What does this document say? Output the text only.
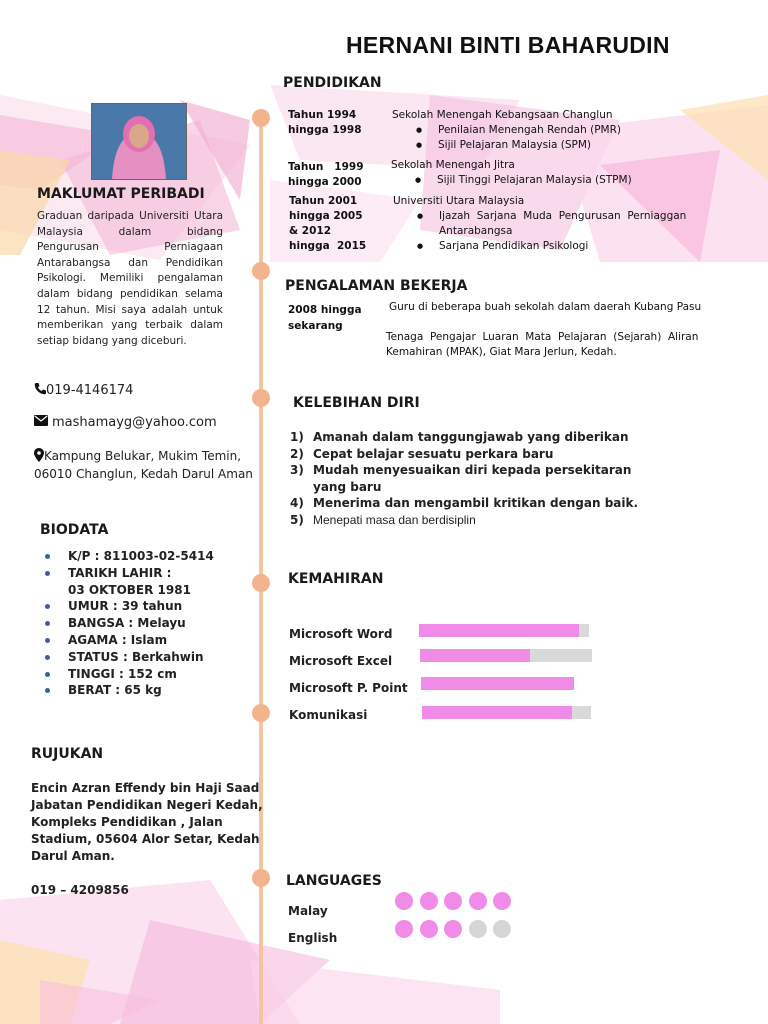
HERNANI BINTI BAHARUDIN
MAKLUMAT PERIBADI
Graduan daripada Universiti Utara Malaysia dalam bidang Pengurusan Perniagaan Antarabangsa dan Pendidikan Psikologi. Memiliki pengalaman dalam bidang pendidikan selama 12 tahun. Misi saya adalah untuk memberikan yang terbaik dalam setiap bidang yang diceburi.
019-4146174
mashamayg@yahoo.com
Kampung Belukar, Mukim Temin,
06010 Changlun, Kedah Darul Aman
BIODATA
K/P : 811003-02-5414
TARIKH LAHIR :
03 OKTOBER 1981
UMUR : 39 tahun
BANGSA : Melayu
AGAMA : Islam
STATUS : Berkahwin
TINGGI : 152 cm
BERAT : 65 kg
RUJUKAN
Encin Azran Effendy bin Haji Saad
Jabatan Pendidikan Negeri Kedah,
Kompleks Pendidikan , Jalan
Stadium, 05604 Alor Setar, Kedah
Darul Aman.
019 – 4209856
PENDIDIKAN
Tahun 1994
hingga 1998
Sekolah Menengah Kebangsaan Changlun
● Penilaian Menengah Rendah (PMR)
● Sijil Pelajaran Malaysia (SPM)
Tahun   1999
hingga 2000
Sekolah Menengah Jitra
● Sijil Tinggi Pelajaran Malaysia (STPM)
Tahun 2001
hingga 2005
& 2012
hingga  2015
Universiti Utara Malaysia
● Ijazah  Sarjana  Muda  Pengurusan  Perniaggan
Antarabangsa
● Sarjana Pendidikan Psikologi
PENGALAMAN BEKERJA
2008 hingga
sekarang
Guru di beberapa buah sekolah dalam daerah Kubang Pasu
Tenaga  Pengajar  Luaran  Mata  Pelajaran  (Sejarah)  Aliran
Kemahiran (MPAK), Giat Mara Jerlun, Kedah.
KELEBIHAN DIRI
1) Amanah dalam tanggungjawab yang diberikan
2) Cepat belajar sesuatu perkara baru
3) Mudah menyesuaikan diri kepada persekitaran
yang baru
4) Menerima dan mengambil kritikan dengan baik.
5) Menepati masa dan berdisiplin
KEMAHIRAN
Microsoft Word
Microsoft Excel
Microsoft P. Point
Komunikasi
LANGUAGES
Malay
English
